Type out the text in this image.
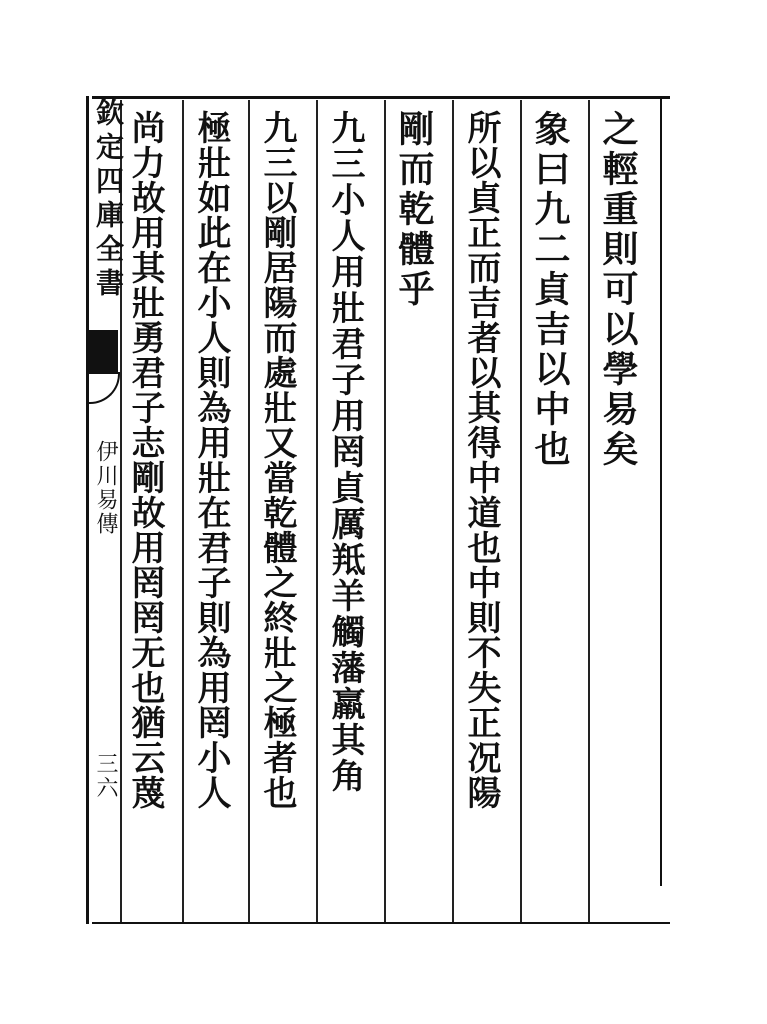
欽定四庫全書
伊川易傳
三六
之輕重則可以學易矣
象曰九二貞吉以中也
所以貞正而吉者以其得中道也中則不失正况陽
剛而乾體乎
九三小人用壯君子用罔貞厲羝羊觸藩羸其角
九三以剛居陽而處壯又當乾體之終壯之極者也
極壯如此在小人則為用壯在君子則為用罔小人
尚力故用其壯勇君子志剛故用罔罔无也猶云蔑
